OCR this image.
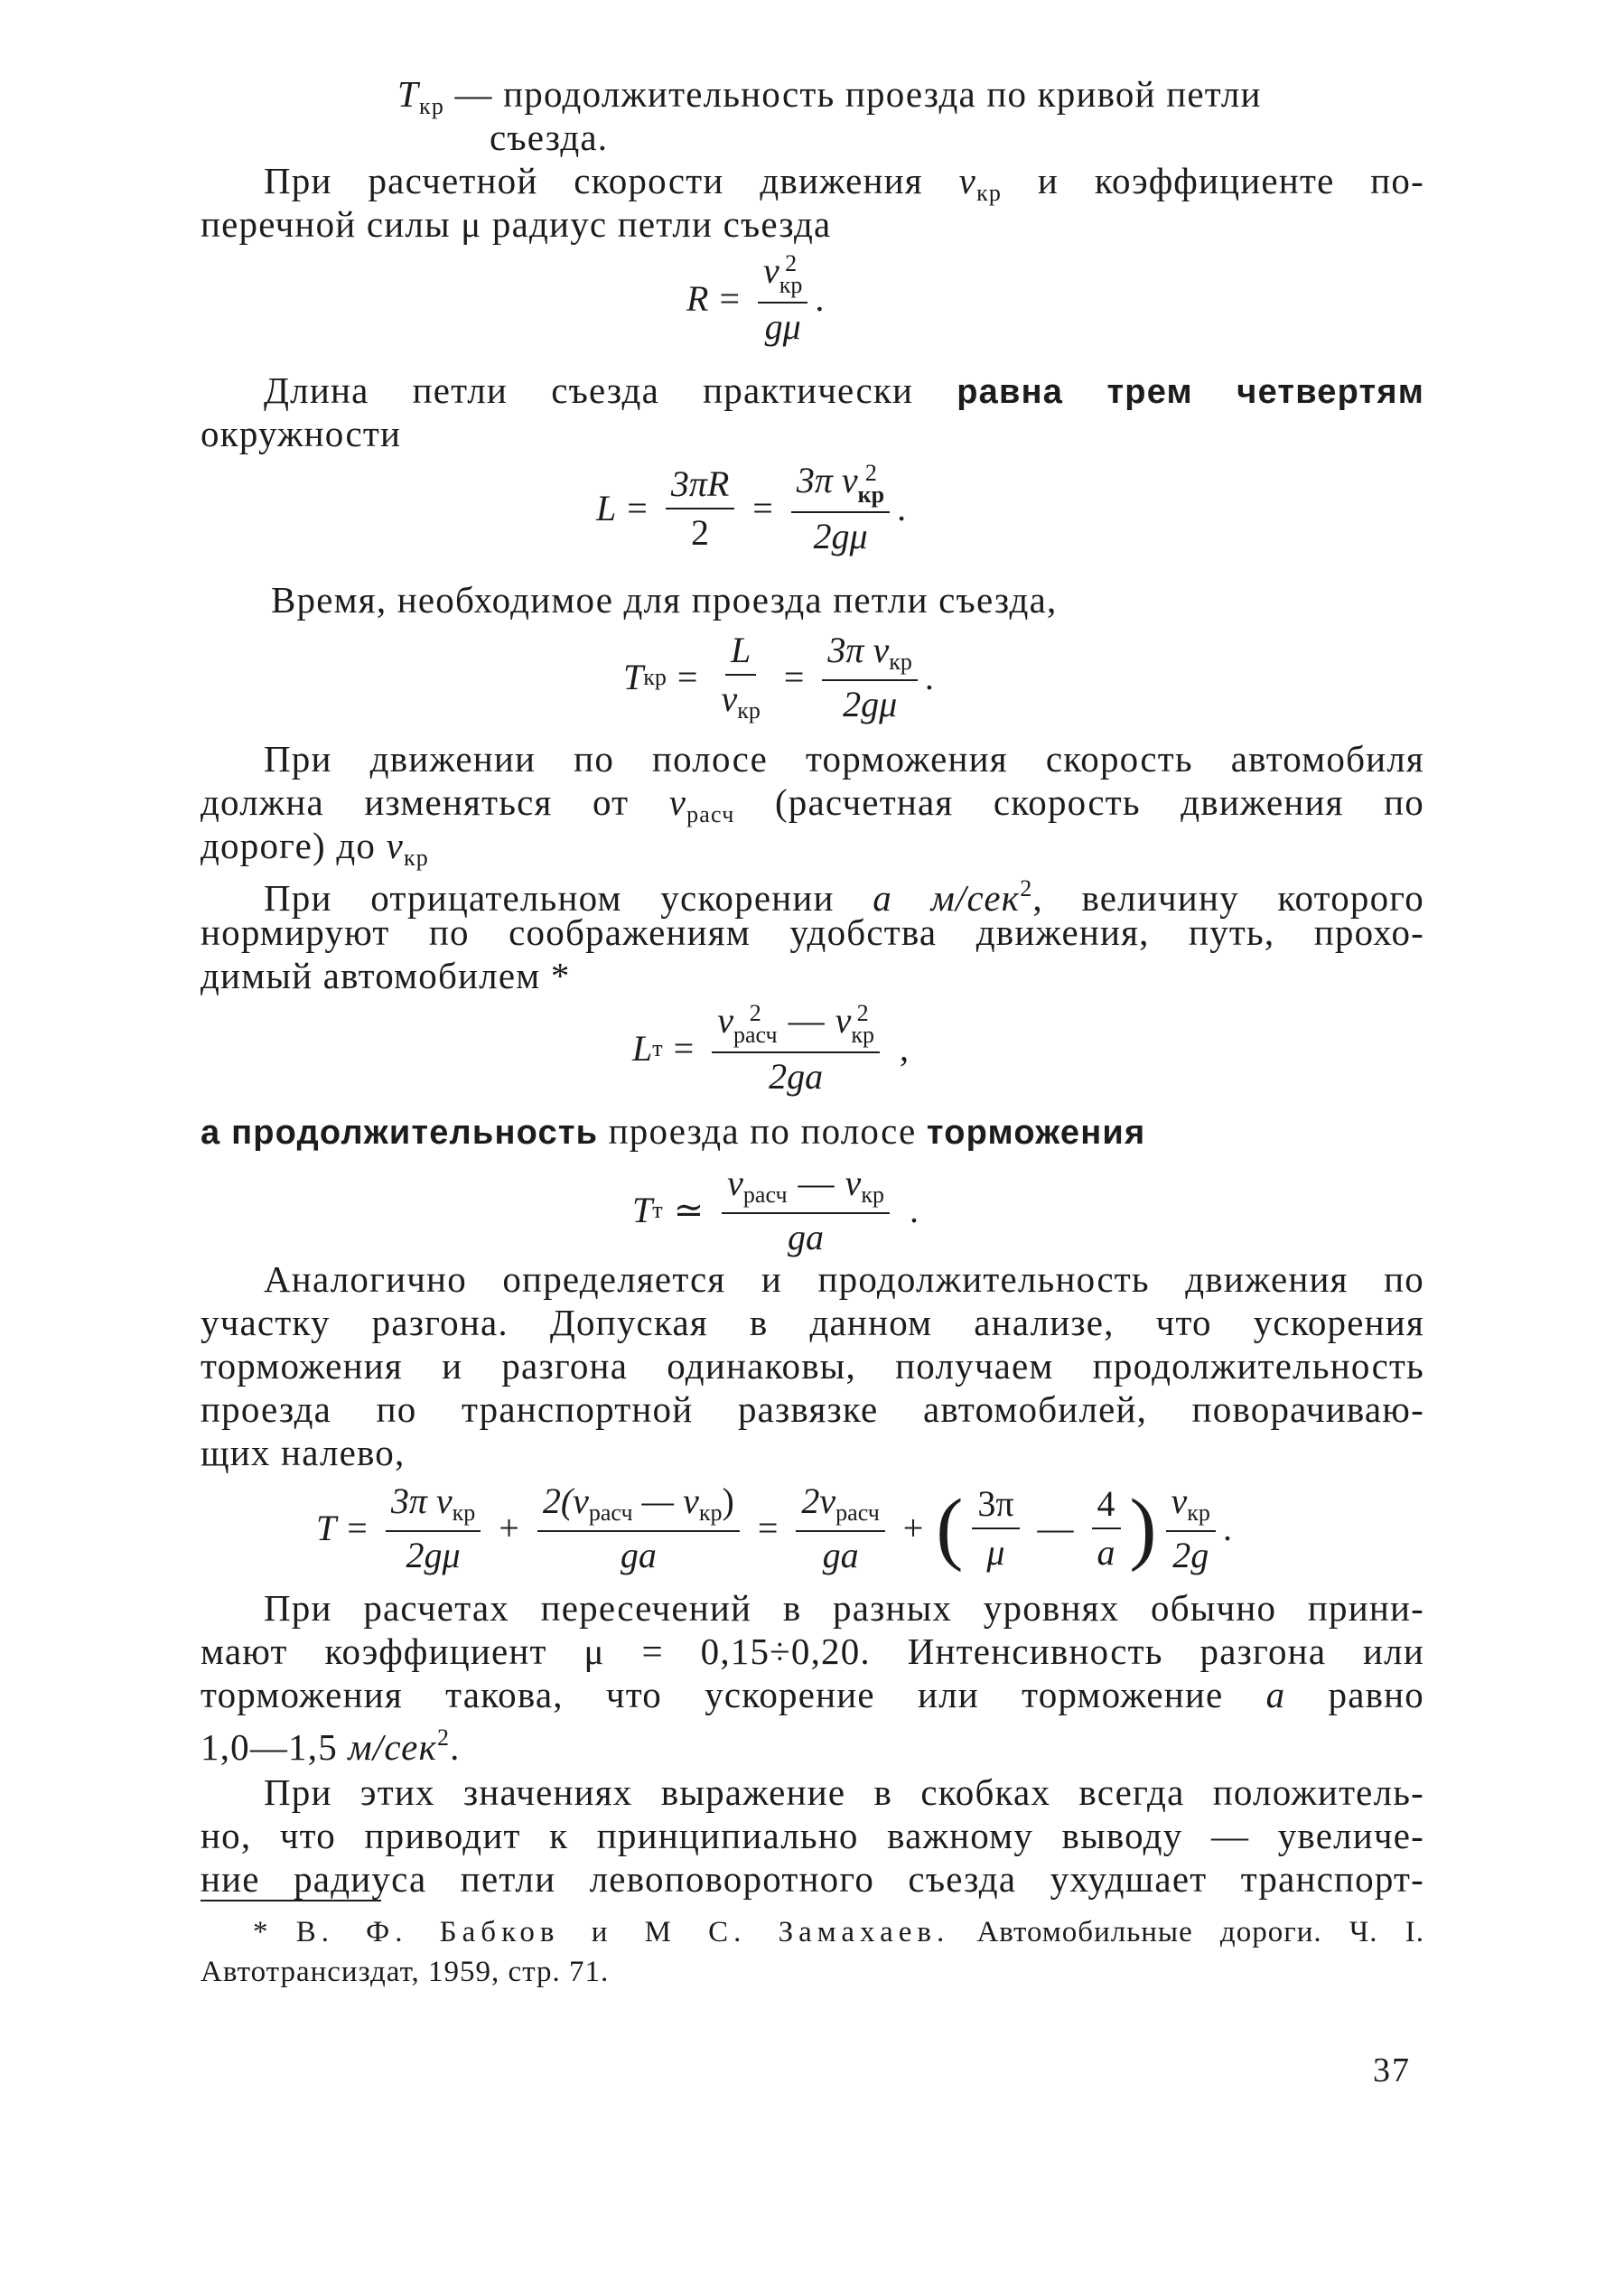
$T_{кр}$ — продолжительность проезда по кривой петли
съезда.
При расчетной скорости движения $v_{кр}$ и коэффициенте по-
перечной силы μ радиус петли съезда
R = v 2
кр
gμ .
Длина петли съезда практически равна трем четвертям
окружности
$L = \frac{3\pi R}{2} = 3\pi$ v 2
кр
2gμ .
Время, необходимое для проезда петли съезда,
T кр = $\frac{L}{v_{кр}} = \frac{3\pi v_{кр}}{2g\mu}$ .
При движении по полосе торможения скорость автомобиля
должна изменяться от $v_{расч}$ (расчетная скорость движения по
дороге) до $v_{кр}$
При отрицательном ускорении a м/сек$^2$, величину которого
нормируют по соображениям удобства движения, путь, прохо-
димый автомобилем *
L т = v 2
расч — v 2
кр
2ga ,
а продолжительность проезда по полосе торможения
T т ≃ $\frac{v_{расч} — v_{кр}}{ga}$ .
Аналогично определяется и продолжительность движения по
участку разгона. Допуская в данном анализе, что ускорения
торможения и разгона одинаковы, получаем продолжительность
проезда по транспортной развязке автомобилей, поворачиваю-
щих налево,
$T = \frac{3\pi v_{кр}}{2g\mu} + \frac{2(v_{расч} — v_{кр})}{ga} = \frac{2v_{расч}}{ga}$ + ( $\frac{3\pi}{\mu}$ — $\frac{4}{a}$ ) $\frac{v_{кр}}{2g}$ .
При расчетах пересечений в разных уровнях обычно прини-
мают коэффициент μ = 0,15÷0,20. Интенсивность разгона или
торможения такова, что ускорение или торможение a равно
1,0—1,5 м/сек$^2$.
При этих значениях выражение в скобках всегда положитель-
но, что приводит к принципиально важному выводу — увеличе-
ние радиуса петли левоповоротного съезда ухудшает транспорт-
* В. Ф. Бабков и М С. Замахаев. Автомобильные дороги. Ч. I.
Автотрансиздат, 1959, стр. 71.
37
